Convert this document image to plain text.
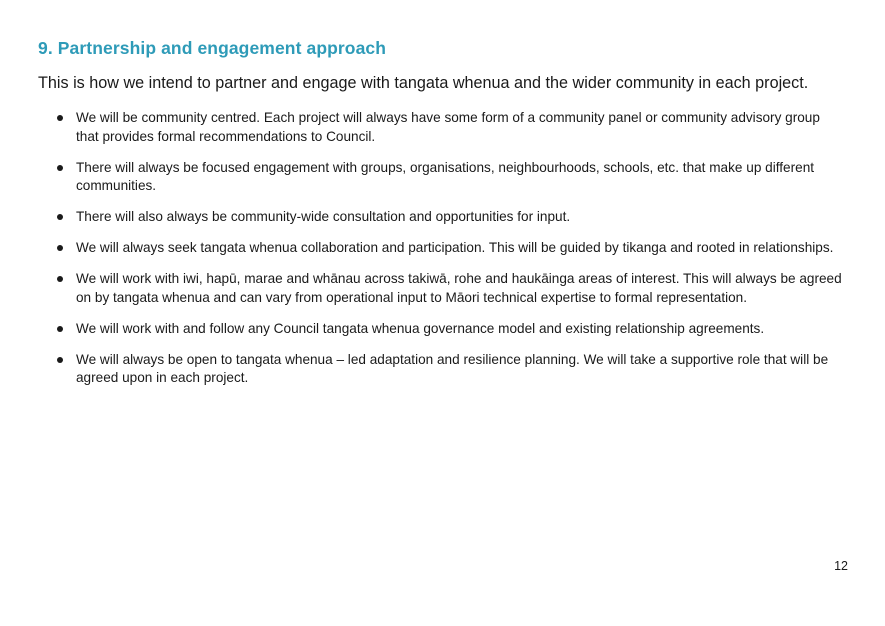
9. Partnership and engagement approach

This is how we intend to partner and engage with tangata whenua and the wider community in each project.

We will be community centred. Each project will always have some form of a community panel or community advisory group that provides formal recommendations to Council.
There will always be focused engagement with groups, organisations, neighbourhoods, schools, etc. that make up different communities.
There will also always be community-wide consultation and opportunities for input.
We will always seek tangata whenua collaboration and participation. This will be guided by tikanga and rooted in relationships.
We will work with iwi, hapū, marae and whānau across takiwā, rohe and haukāinga areas of interest. This will always be agreed on by tangata whenua and can vary from operational input to Māori technical expertise to formal representation.
We will work with and follow any Council tangata whenua governance model and existing relationship agreements.
We will always be open to tangata whenua – led adaptation and resilience planning. We will take a supportive role that will be agreed upon in each project.
12
